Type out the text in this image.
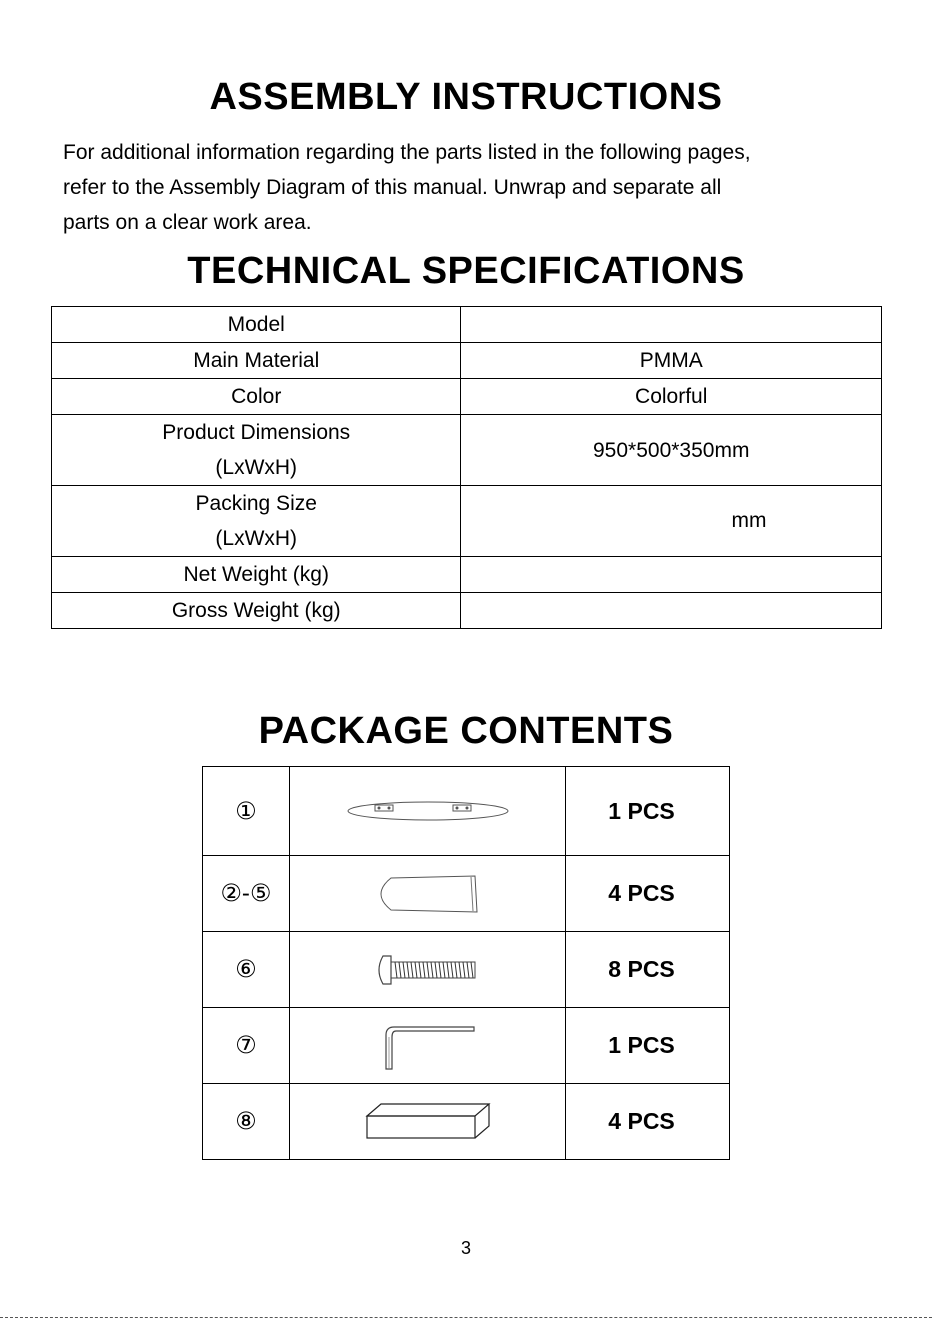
ASSEMBLY INSTRUCTIONS

For additional information regarding the parts listed in the following pages,
refer to the Assembly Diagram of this manual. Unwrap and separate all
parts on a clear work area.

TECHNICAL SPECIFICATIONS
Model	
Main Material	PMMA
Color	Colorful

Product Dimensions
(LxWxH)	950*500*350mm

Packing Size
(LxWxH)	mm

Net Weight (kg)	
Gross Weight (kg)	
PACKAGE CONTENTS
①		1 PCS
②-⑤		4 PCS
⑥		8 PCS
⑦		1 PCS
⑧		4 PCS
3
